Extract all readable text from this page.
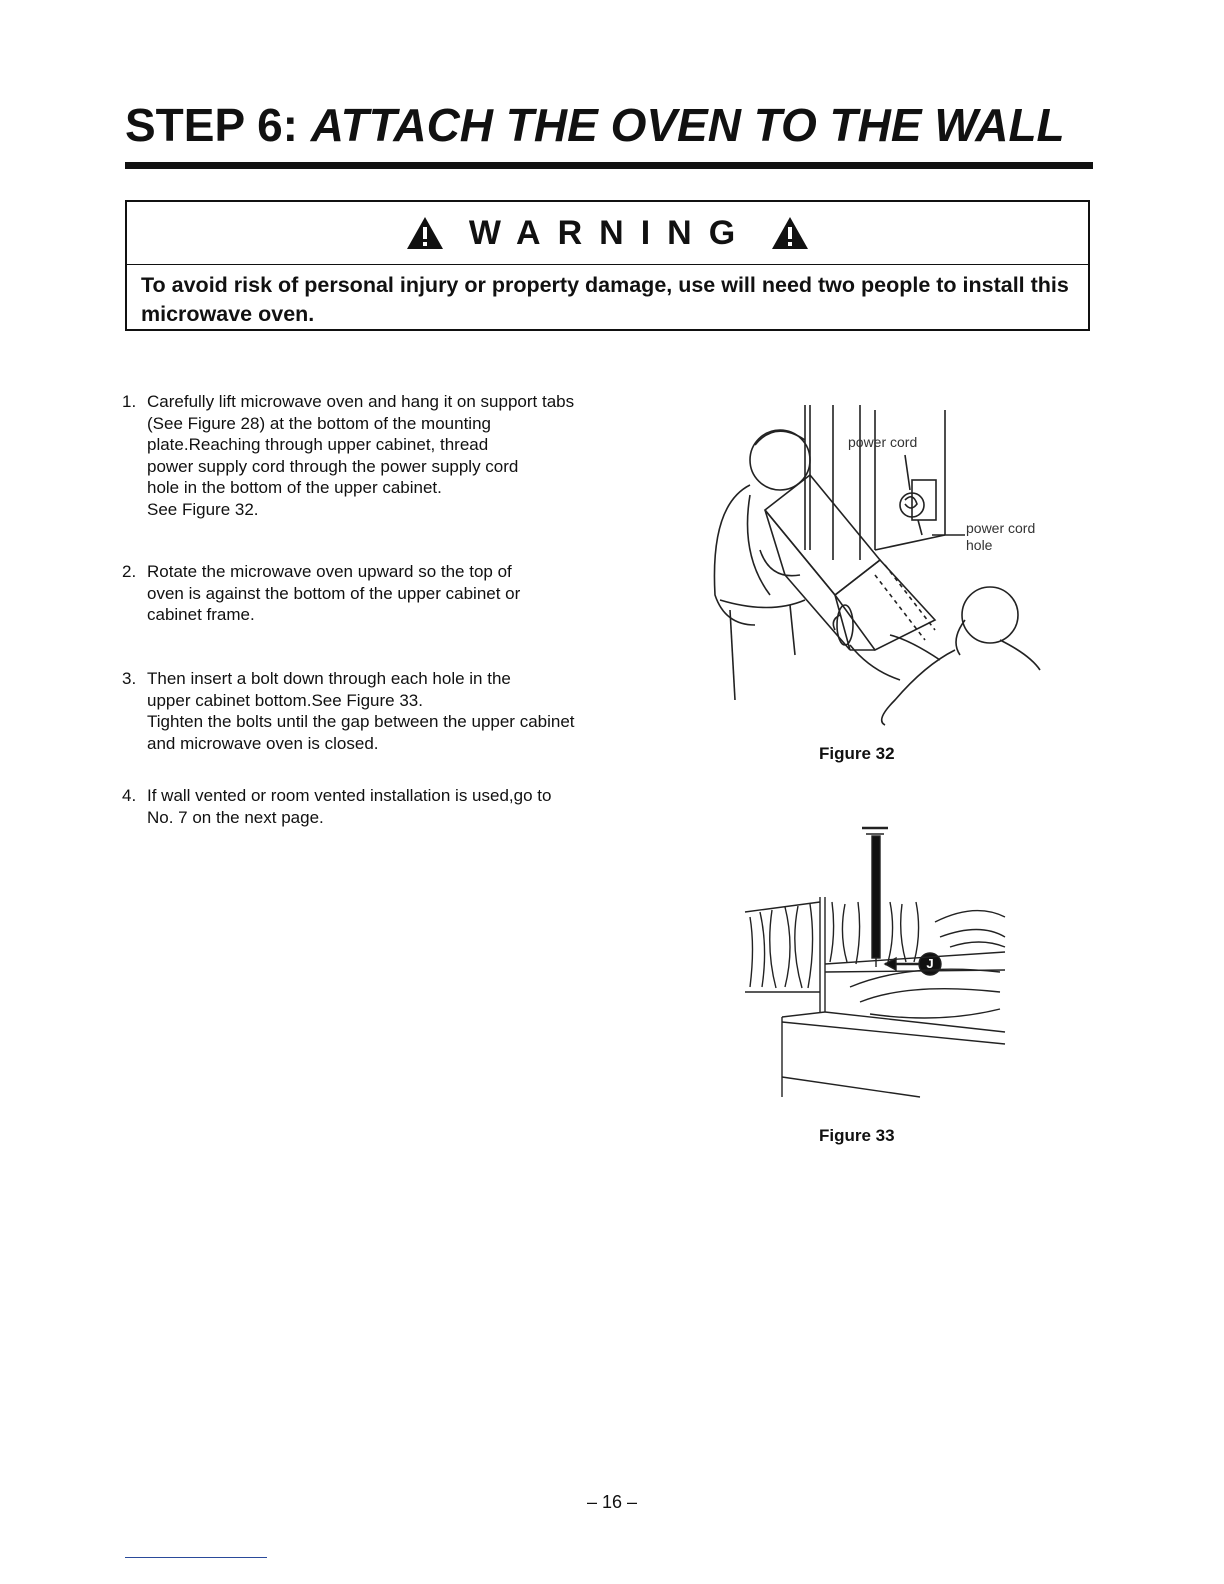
STEP 6: ATTACH THE OVEN TO THE WALL
WARNING
To avoid risk of personal injury or property damage, use will need two people to install this microwave oven.
1. Carefully lift microwave oven and hang it on support tabs
(See Figure 28) at the bottom of the mounting
plate.Reaching through upper cabinet, thread
power supply cord through the power supply cord
hole in the bottom of the upper cabinet.
See Figure 32.
2. Rotate the microwave oven upward so the top of
oven is against the bottom of the upper cabinet or
cabinet frame.
3. Then insert a bolt down through each hole in the
upper cabinet bottom.See Figure 33.
Tighten the bolts until the gap between the upper cabinet
and microwave oven is closed.
4. If wall vented or room vented installation is used,go to
No. 7 on the next page.
power cord
power cord
hole
Figure 32
J
Figure 33
– 16 –
